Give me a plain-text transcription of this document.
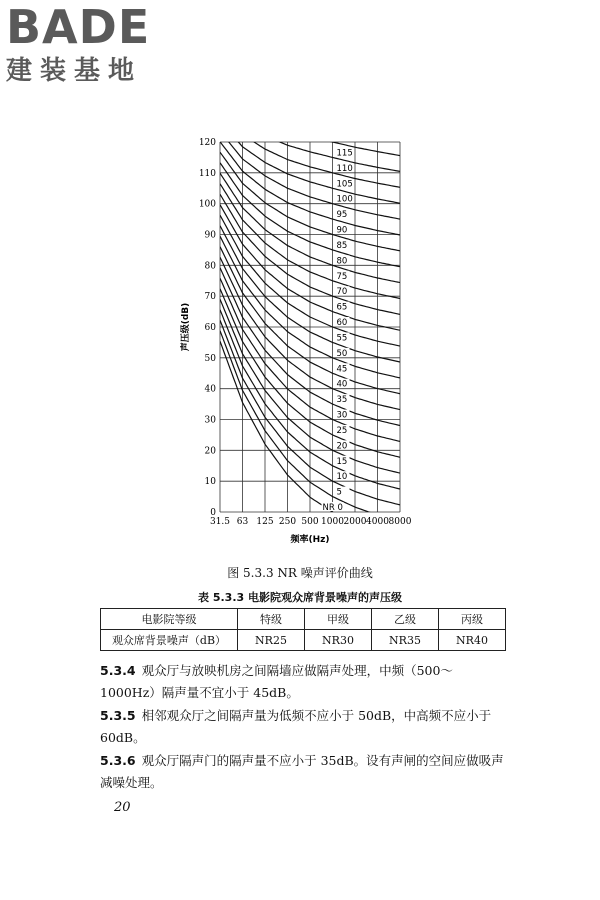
BADE
建装基地
31.5 63 125 250 500 1000 2000 4000 8000
0
10
20
30
40
50
60
70
80
90
100
110
120
115
110
105
100
95
90
85
80
75
70
65
60
55
50
45
40
35
30
25
20
15
10
5
NR 0
声压级(dB)
频率(Hz)
图 5.3.3 NR 噪声评价曲线
表 5.3.3 电影院观众席背景噪声的声压级
电影院等级	特级	甲级	乙级	丙级
观众席背景噪声（dB）	NR25	NR30	NR35	NR40
5.3.4 观众厅与放映机房之间隔墙应做隔声处理，中频（500～1000Hz）隔声量不宜小于 45dB。
5.3.5 相邻观众厅之间隔声量为低频不应小于 50dB，中高频不应小于 60dB。
5.3.6 观众厅隔声门的隔声量不应小于 35dB。设有声闸的空间应做吸声减噪处理。
20
